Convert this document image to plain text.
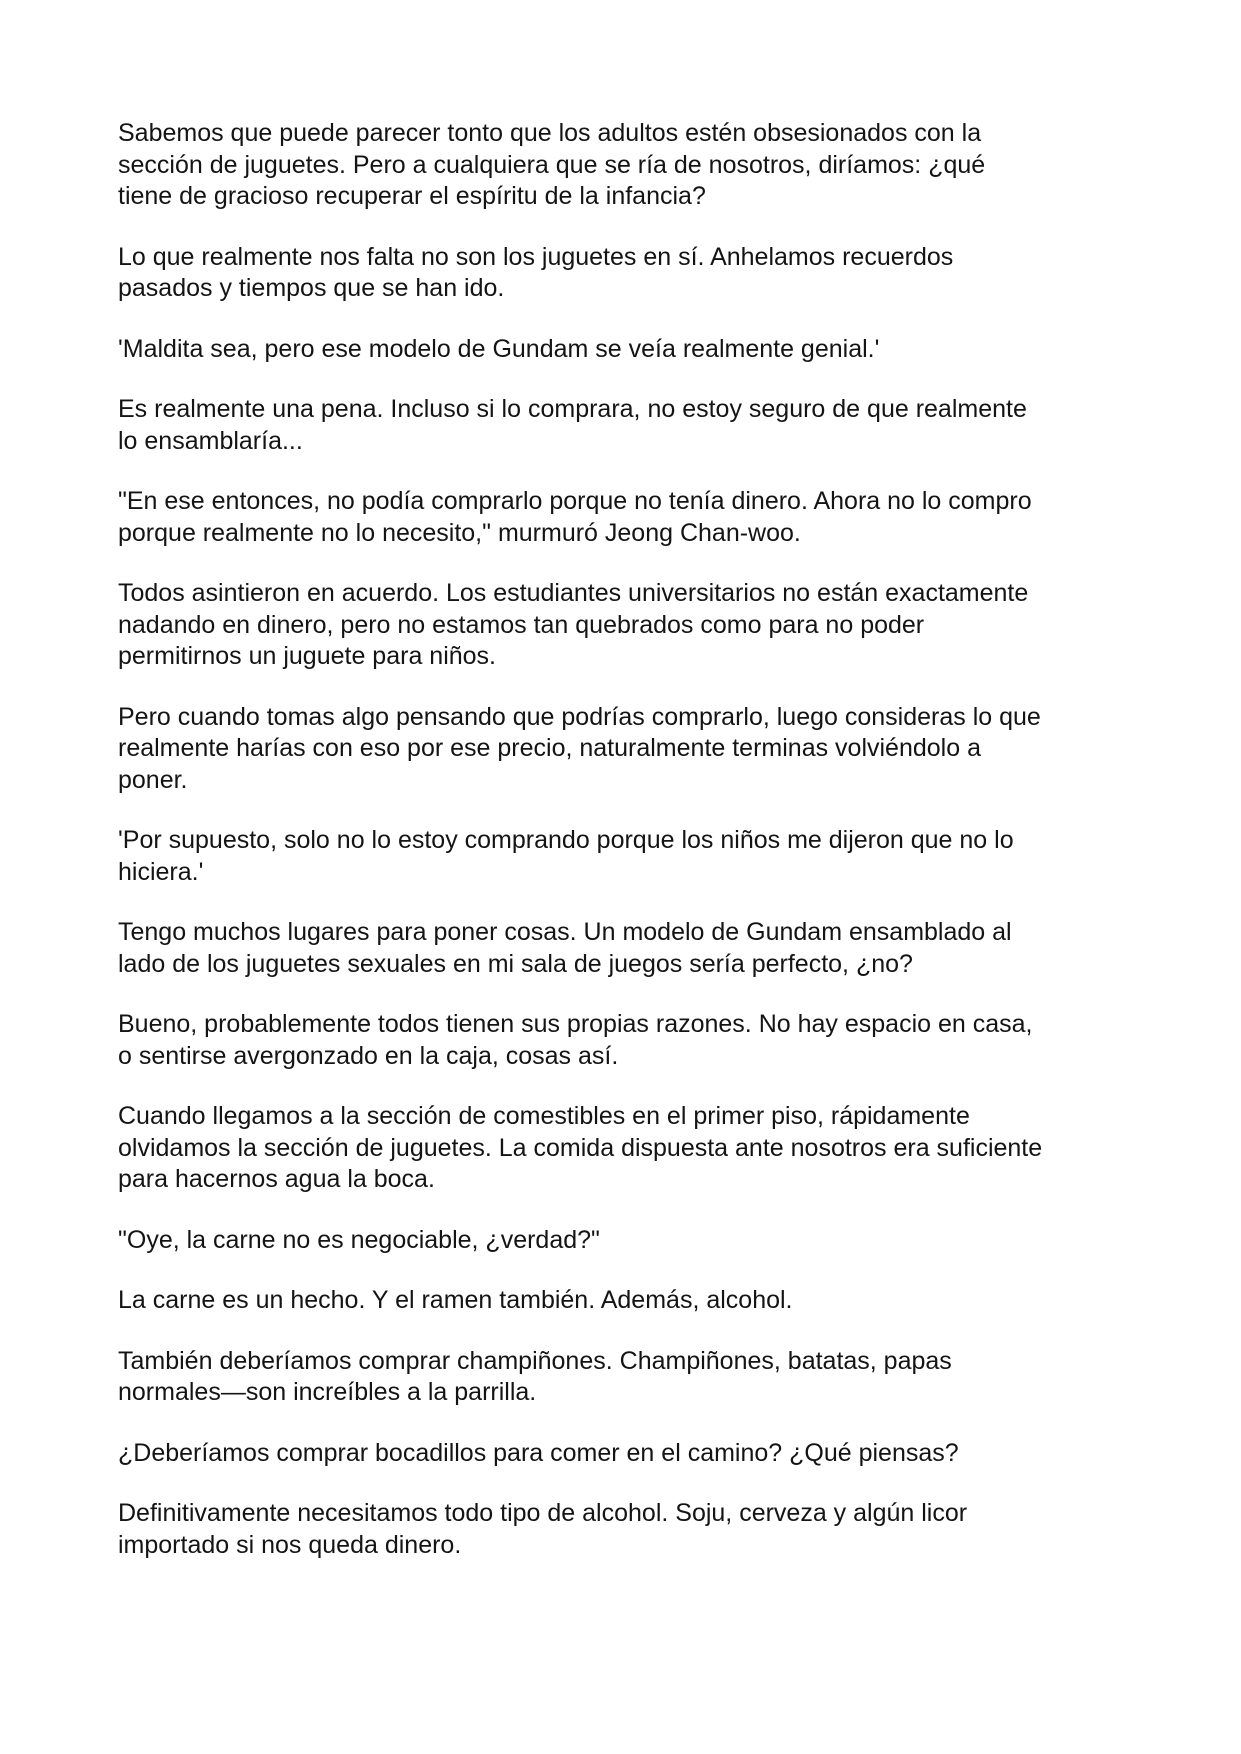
Sabemos que puede parecer tonto que los adultos estén obsesionados con la
sección de juguetes. Pero a cualquiera que se ría de nosotros, diríamos: ¿qué
tiene de gracioso recuperar el espíritu de la infancia?

Lo que realmente nos falta no son los juguetes en sí. Anhelamos recuerdos
pasados y tiempos que se han ido.

'Maldita sea, pero ese modelo de Gundam se veía realmente genial.'

Es realmente una pena. Incluso si lo comprara, no estoy seguro de que realmente
lo ensamblaría...

"En ese entonces, no podía comprarlo porque no tenía dinero. Ahora no lo compro
porque realmente no lo necesito," murmuró Jeong Chan-woo.

Todos asintieron en acuerdo. Los estudiantes universitarios no están exactamente
nadando en dinero, pero no estamos tan quebrados como para no poder
permitirnos un juguete para niños.

Pero cuando tomas algo pensando que podrías comprarlo, luego consideras lo que
realmente harías con eso por ese precio, naturalmente terminas volviéndolo a
poner.

'Por supuesto, solo no lo estoy comprando porque los niños me dijeron que no lo
hiciera.'

Tengo muchos lugares para poner cosas. Un modelo de Gundam ensamblado al
lado de los juguetes sexuales en mi sala de juegos sería perfecto, ¿no?

Bueno, probablemente todos tienen sus propias razones. No hay espacio en casa,
o sentirse avergonzado en la caja, cosas así.

Cuando llegamos a la sección de comestibles en el primer piso, rápidamente
olvidamos la sección de juguetes. La comida dispuesta ante nosotros era suficiente
para hacernos agua la boca.

"Oye, la carne no es negociable, ¿verdad?"

La carne es un hecho. Y el ramen también. Además, alcohol.

También deberíamos comprar champiñones. Champiñones, batatas, papas
normales—son increíbles a la parrilla.

¿Deberíamos comprar bocadillos para comer en el camino? ¿Qué piensas?

Definitivamente necesitamos todo tipo de alcohol. Soju, cerveza y algún licor
importado si nos queda dinero.
